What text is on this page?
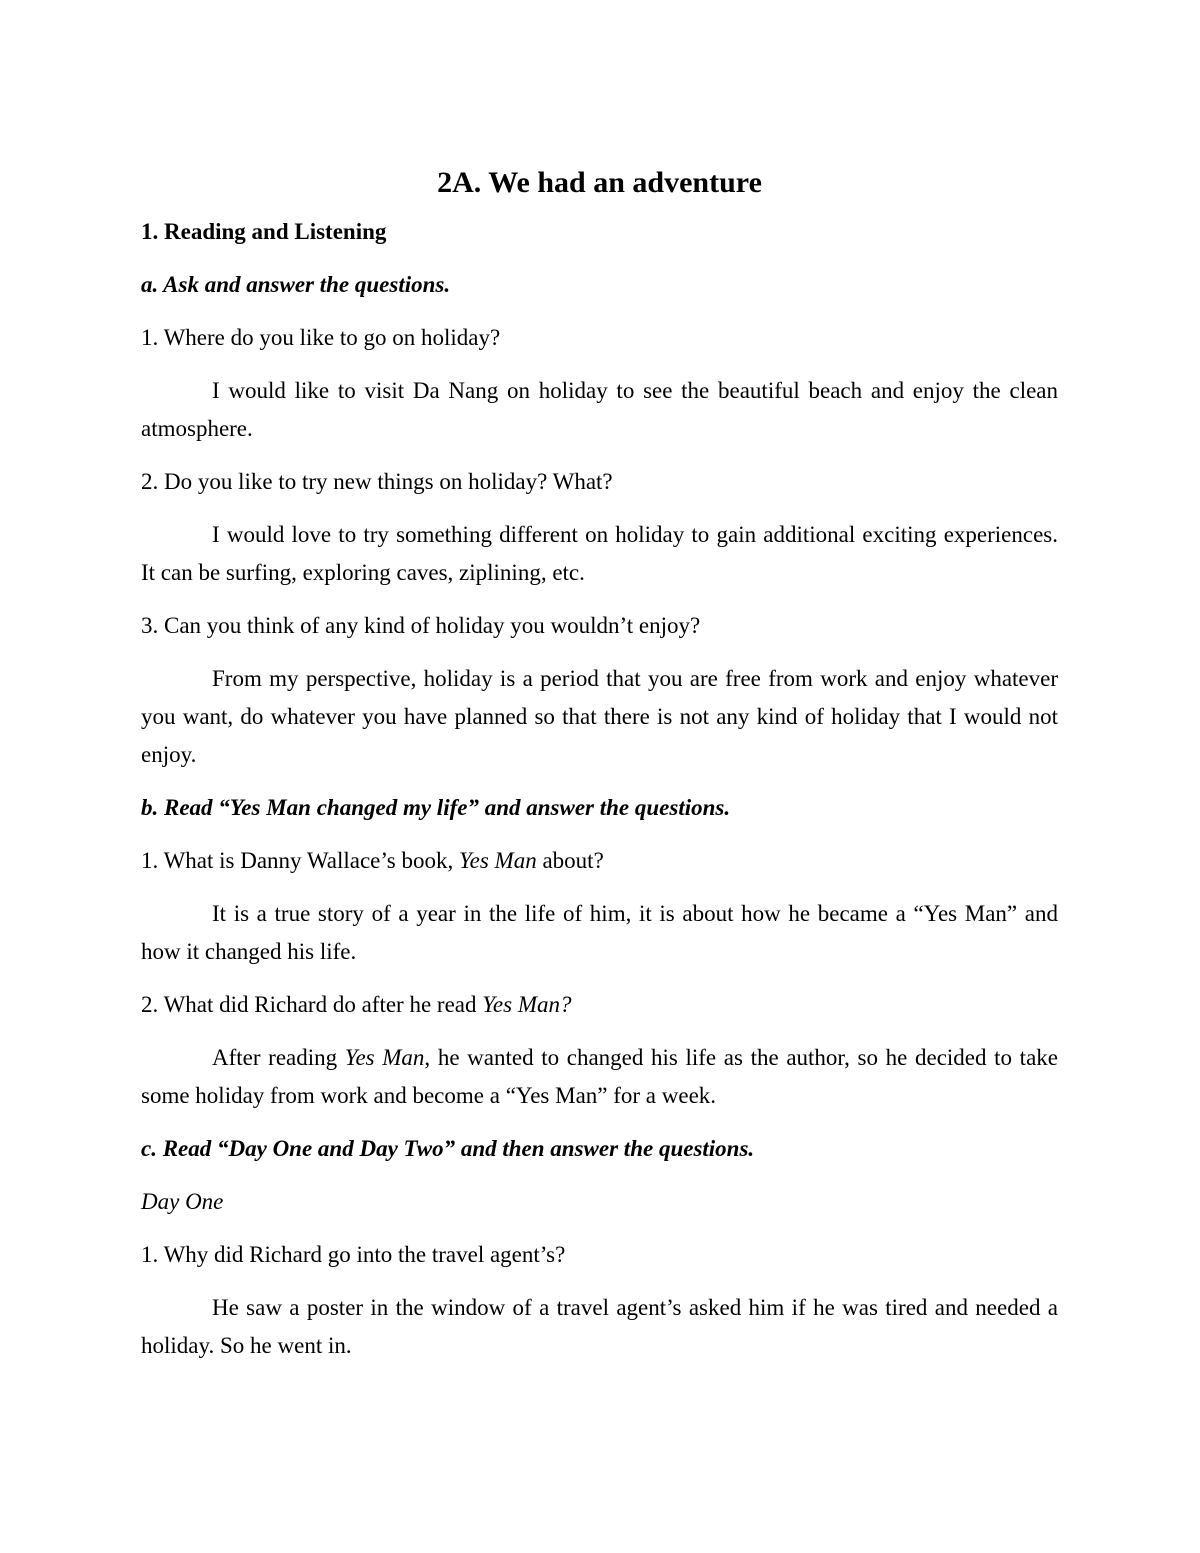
2A. We had an adventure

1. Reading and Listening

a. Ask and answer the questions.

1. Where do you like to go on holiday?

I would like to visit Da Nang on holiday to see the beautiful beach and enjoy the clean atmosphere.

2. Do you like to try new things on holiday? What?

I would love to try something different on holiday to gain additional exciting experiences. It can be surfing, exploring caves, ziplining, etc.

3. Can you think of any kind of holiday you wouldn’t enjoy?

From my perspective, holiday is a period that you are free from work and enjoy whatever you want, do whatever you have planned so that there is not any kind of holiday that I would not enjoy.

b. Read “Yes Man changed my life” and answer the questions.

1. What is Danny Wallace’s book, Yes Man about?

It is a true story of a year in the life of him, it is about how he became a “Yes Man” and how it changed his life.

2. What did Richard do after he read Yes Man?

After reading Yes Man, he wanted to changed his life as the author, so he decided to take some holiday from work and become a “Yes Man” for a week.

c. Read “Day One and Day Two” and then answer the questions.

Day One

1. Why did Richard go into the travel agent’s?

He saw a poster in the window of a travel agent’s asked him if he was tired and needed a holiday. So he went in.
